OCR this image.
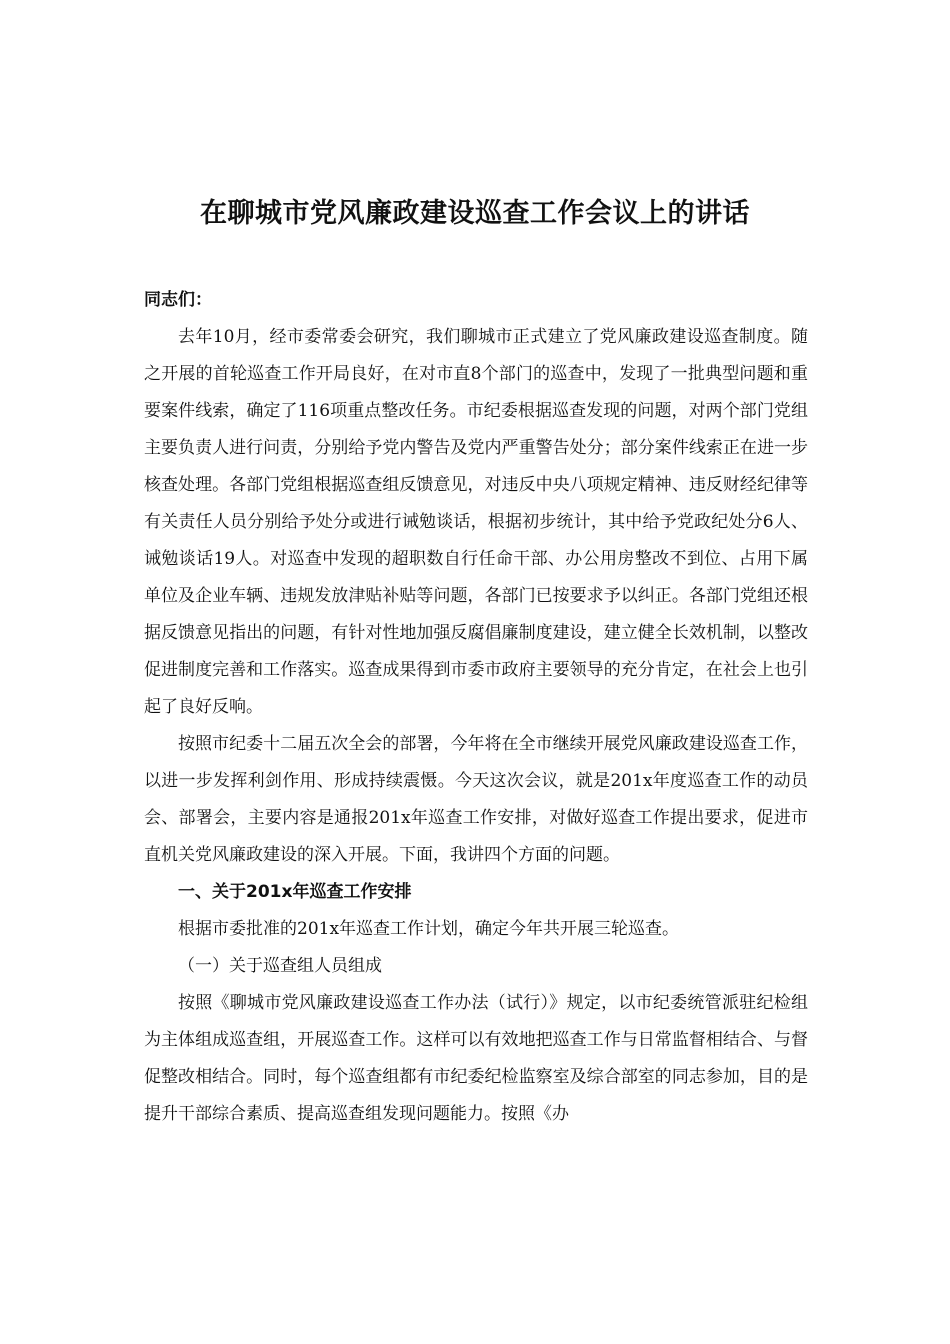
在聊城市党风廉政建设巡查工作会议上的讲话

同志们：

去年10月，经市委常委会研究，我们聊城市正式建立了党风廉政建设巡查制度。随之开展的首轮巡查工作开局良好，在对市直8个部门的巡查中，发现了一批典型问题和重要案件线索，确定了116项重点整改任务。市纪委根据巡查发现的问题，对两个部门党组主要负责人进行问责，分别给予党内警告及党内严重警告处分；部分案件线索正在进一步核查处理。各部门党组根据巡查组反馈意见，对违反中央八项规定精神、违反财经纪律等有关责任人员分别给予处分或进行诫勉谈话，根据初步统计，其中给予党政纪处分6人、诫勉谈话19人。对巡查中发现的超职数自行任命干部、办公用房整改不到位、占用下属单位及企业车辆、违规发放津贴补贴等问题，各部门已按要求予以纠正。各部门党组还根据反馈意见指出的问题，有针对性地加强反腐倡廉制度建设，建立健全长效机制，以整改促进制度完善和工作落实。巡查成果得到市委市政府主要领导的充分肯定，在社会上也引起了良好反响。

按照市纪委十二届五次全会的部署，今年将在全市继续开展党风廉政建设巡查工作，以进一步发挥利剑作用、形成持续震慑。今天这次会议，就是201x年度巡查工作的动员会、部署会，主要内容是通报201x年巡查工作安排，对做好巡查工作提出要求，促进市直机关党风廉政建设的深入开展。下面，我讲四个方面的问题。

一、关于201x年巡查工作安排

根据市委批准的201x年巡查工作计划，确定今年共开展三轮巡查。

（一）关于巡查组人员组成

按照《聊城市党风廉政建设巡查工作办法（试行）》规定，以市纪委统管派驻纪检组为主体组成巡查组，开展巡查工作。这样可以有效地把巡查工作与日常监督相结合、与督促整改相结合。同时，每个巡查组都有市纪委纪检监察室及综合部室的同志参加，目的是提升干部综合素质、提高巡查组发现问题能力。按照《办
